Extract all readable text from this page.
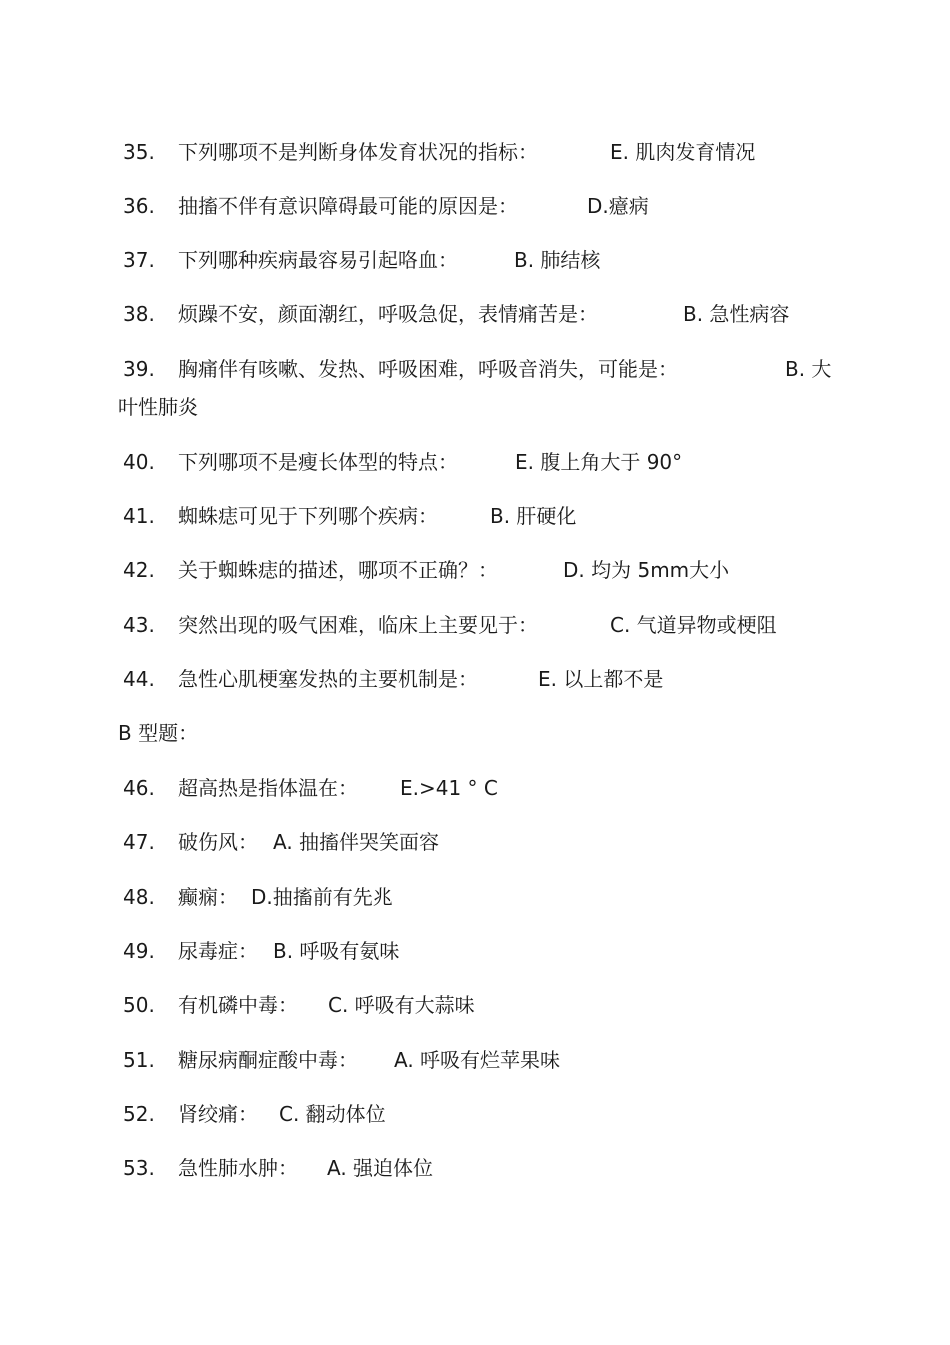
35. 下列哪项不是判断身体发育状况的指标：	E. 肌肉发育情况
36. 抽搐不伴有意识障碍最可能的原因是：	D.癔病
37. 下列哪种疾病最容易引起咯血：	B. 肺结核
38. 烦躁不安，颜面潮红，呼吸急促，表情痛苦是：	B. 急性病容
39. 胸痛伴有咳嗽、发热、呼吸困难，呼吸音消失，可能是：	B. 大
叶性肺炎
40. 下列哪项不是瘦长体型的特点：	E. 腹上角大于 90°
41. 蜘蛛痣可见于下列哪个疾病：	B. 肝硬化
42. 关于蜘蛛痣的描述，哪项不正确？：	D. 均为 5mm大小
43. 突然出现的吸气困难，临床上主要见于：	C. 气道异物或梗阻
44. 急性心肌梗塞发热的主要机制是：	E. 以上都不是
B 型题：
46. 超高热是指体温在： E.>41 ° C
47. 破伤风： A. 抽搐伴哭笑面容
48. 癫痫： D.抽搐前有先兆
49. 尿毒症： B. 呼吸有氨味
50. 有机磷中毒： C. 呼吸有大蒜味
51. 糖尿病酮症酸中毒： A. 呼吸有烂苹果味
52. 肾绞痛： C. 翻动体位
53. 急性肺水肿： A. 强迫体位
